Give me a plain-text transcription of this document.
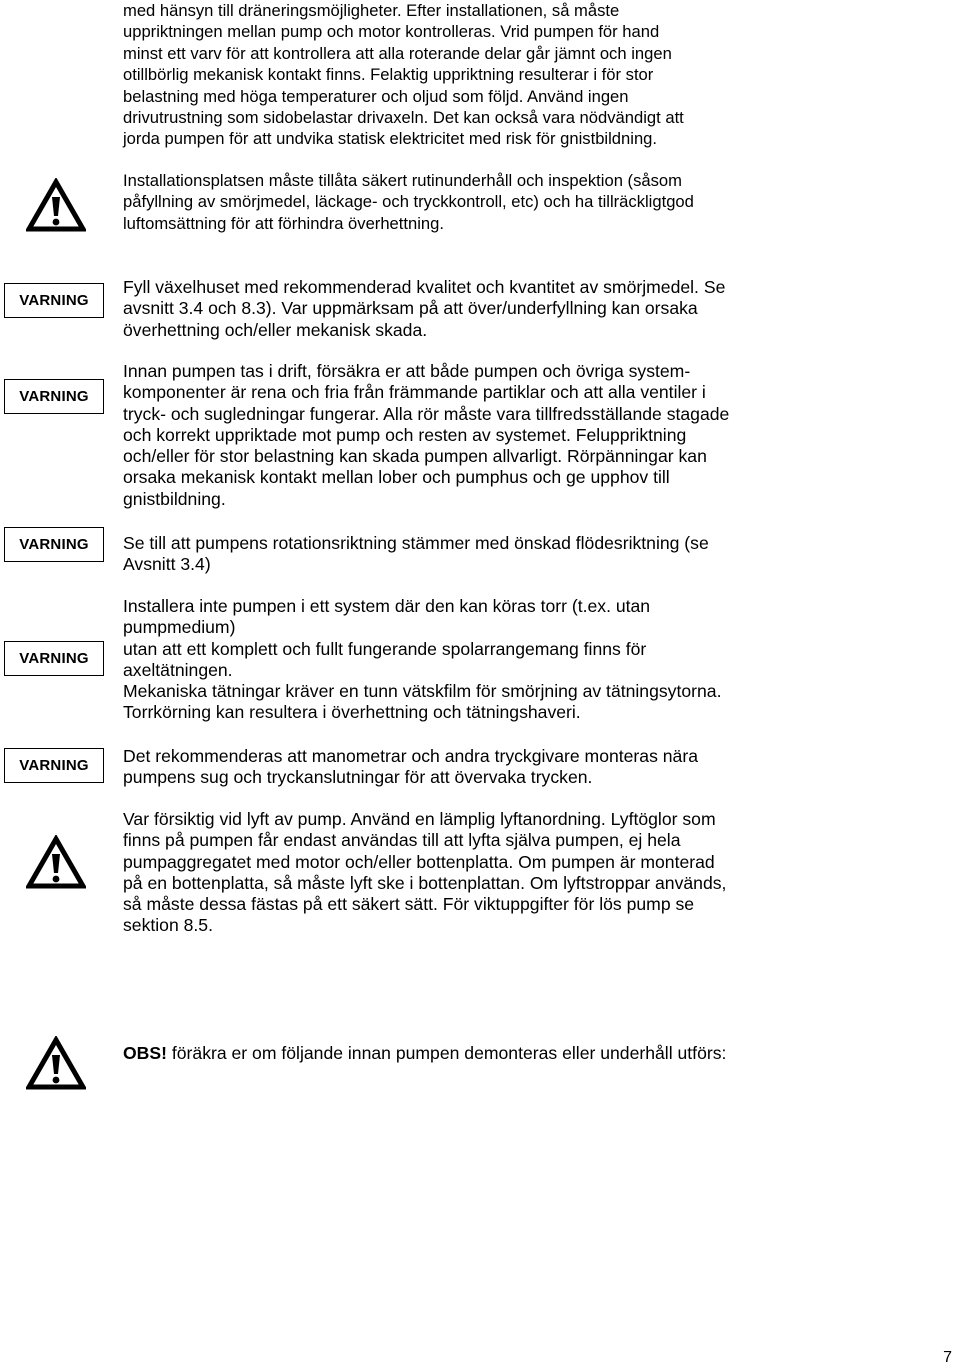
med hänsyn till dräneringsmöjligheter. Efter installationen, så måste
uppriktningen mellan pump och motor kontrolleras. Vrid pumpen för hand
minst ett varv för att kontrollera att alla roterande delar går jämnt och ingen
otillbörlig mekanisk kontakt finns. Felaktig uppriktning resulterar i för stor
belastning med höga temperaturer och oljud som följd. Använd ingen
drivutrustning som sidobelastar drivaxeln. Det kan också vara nödvändigt att
jorda pumpen för att undvika statisk elektricitet med risk för gnistbildning.
Installationsplatsen måste tillåta säkert rutinunderhåll och inspektion (såsom
påfyllning av smörjmedel, läckage- och tryckkontroll, etc) och ha tillräckligtgod
luftomsättning för att förhindra överhettning.
VARNING
Fyll växelhuset med rekommenderad kvalitet och kvantitet av smörjmedel. Se
avsnitt 3.4 och 8.3). Var uppmärksam på att över/underfyllning kan orsaka
överhettning och/eller mekanisk skada.
VARNING
Innan pumpen tas i drift, försäkra er att både pumpen och övriga system-
komponenter är rena och fria från främmande partiklar och att alla ventiler i
tryck- och sugledningar fungerar. Alla rör måste vara tillfredsställande stagade
och korrekt uppriktade mot pump och resten av systemet. Feluppriktning
och/eller för stor belastning kan skada pumpen allvarligt. Rörpänningar kan
orsaka mekanisk kontakt mellan lober och pumphus och ge upphov till
gnistbildning.
VARNING	Se till att pumpens rotationsriktning stämmer med önskad flödesriktning (se
Avsnitt 3.4)
VARNING
Installera inte pumpen i ett system där den kan köras torr (t.ex. utan
pumpmedium)
utan att ett komplett och fullt fungerande spolarrangemang finns för
axeltätningen.
Mekaniska tätningar kräver en tunn vätskfilm för smörjning av tätningsytorna.
Torrkörning kan resultera i överhettning och tätningshaveri.
VARNING	Det rekommenderas att manometrar och andra tryckgivare monteras nära
pumpens sug och tryckanslutningar för att övervaka trycken.
Var försiktig vid lyft av pump. Använd en lämplig lyftanordning. Lyftöglor som
finns på pumpen får endast användas till att lyfta själva pumpen, ej hela
pumpaggregatet med motor och/eller bottenplatta. Om pumpen är monterad
på en bottenplatta, så måste lyft ske i bottenplattan. Om lyftstroppar används,
så måste dessa fästas på ett säkert sätt. För viktuppgifter för lös pump se
sektion 8.5.
OBS! föräkra er om följande innan pumpen demonteras eller underhåll utförs:
7
